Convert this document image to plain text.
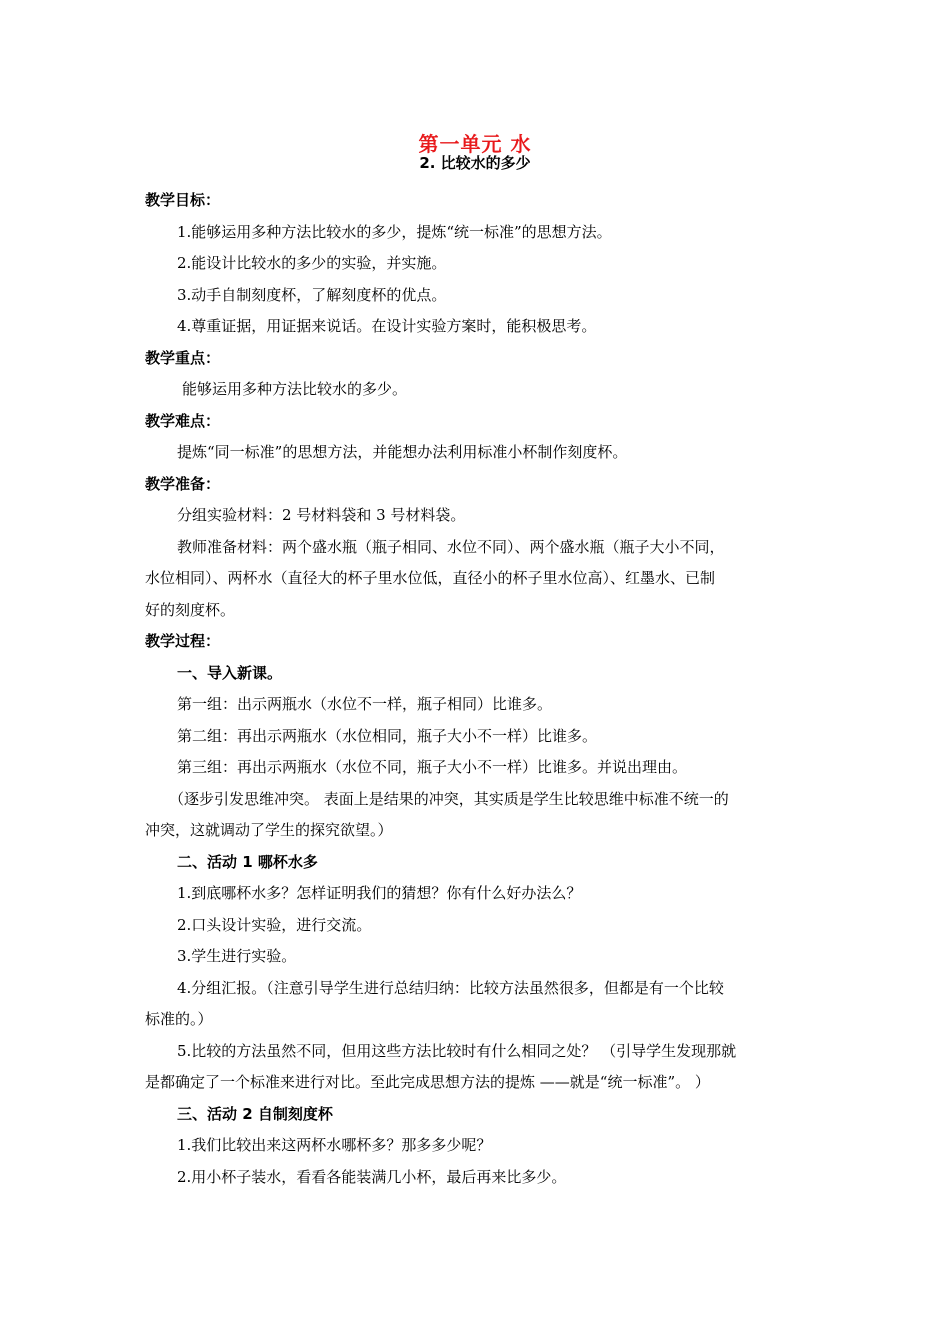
第一单元 水
2. 比较水的多少
教学目标：
1.能够运用多种方法比较水的多少，提炼“统一标准”的思想方法。
2.能设计比较水的多少的实验，并实施。
3.动手自制刻度杯，了解刻度杯的优点。
4.尊重证据，用证据来说话。在设计实验方案时，能积极思考。
教学重点：
能够运用多种方法比较水的多少。
教学难点：
提炼“同一标准”的思想方法，并能想办法利用标准小杯制作刻度杯。
教学准备：
分组实验材料：2 号材料袋和 3 号材料袋。
教师准备材料：两个盛水瓶（瓶子相同、水位不同）、两个盛水瓶（瓶子大小不同，
水位相同）、两杯水（直径大的杯子里水位低，直径小的杯子里水位高）、红墨水、已制
好的刻度杯。
教学过程：
一、导入新课。
第一组：出示两瓶水（水位不一样，瓶子相同）比谁多。
第二组：再出示两瓶水（水位相同，瓶子大小不一样）比谁多。
第三组：再出示两瓶水（水位不同，瓶子大小不一样）比谁多。并说出理由。
（逐步引发思维冲突。 表面上是结果的冲突，其实质是学生比较思维中标准不统一的
冲突，这就调动了学生的探究欲望。）
二、活动 1 哪杯水多
1.到底哪杯水多？怎样证明我们的猜想？你有什么好办法么？
2.口头设计实验，进行交流。
3.学生进行实验。
4.分组汇报。（注意引导学生进行总结归纳：比较方法虽然很多，但都是有一个比较
标准的。）
5.比较的方法虽然不同，但用这些方法比较时有什么相同之处？ （引导学生发现那就
是都确定了一个标准来进行对比。至此完成思想方法的提炼 ——就是“统一标准”。 ）
三、活动 2 自制刻度杯
1.我们比较出来这两杯水哪杯多？那多多少呢？
2.用小杯子装水，看看各能装满几小杯，最后再来比多少。
